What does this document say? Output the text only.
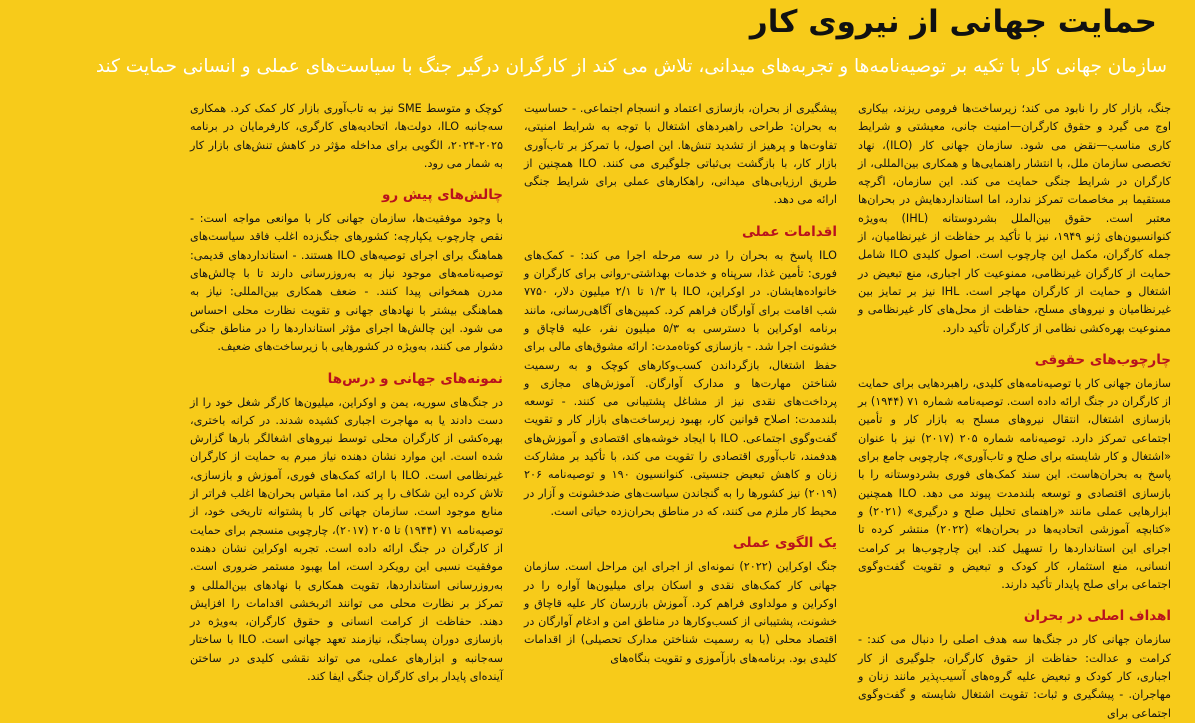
حمایت جهانی از نیروی کار
سازمان جهانی کار با تکیه بر توصیه‌نامه‌ها و تجربه‌های میدانی، تلاش می کند از کارگران درگیر جنگ با سیاست‌های عملی و انسانی حمایت کند

جنگ، بازار کار را نابود می کند؛ زیرساخت‌ها فرومی ریزند، بیکاری اوج می گیرد و حقوق کارگران—امنیت جانی، معیشتی و شرایط کاری مناسب—نقض می شود. سازمان جهانی کار (ILO)، نهاد تخصصی سازمان ملل، با انتشار راهنمایی‌ها و همکاری بین‌المللی، از کارگران در شرایط جنگی حمایت می کند. این سازمان، اگرچه مستقیما بر مخاصمات تمرکز ندارد، اما استانداردهایش در بحران‌ها معتبر است. حقوق بین‌الملل بشردوستانه (IHL) به‌ویژه کنوانسیون‌های ژنو ۱۹۴۹، نیز با تأکید بر حفاظت از غیرنظامیان، از جمله کارگران، مکمل این چارچوب است. اصول کلیدی ILO شامل حمایت از کارگران غیرنظامی، ممنوعیت کار اجباری، منع تبعیض در اشتغال و حمایت از کارگران مهاجر است. IHL نیز بر تمایز بین غیرنظامیان و نیروهای مسلح، حفاظت از محل‌های کار غیرنظامی و ممنوعیت بهره‌کشی نظامی از کارگران تأکید دارد.

چارچوب‌های حقوقی

سازمان جهانی کار با توصیه‌نامه‌های کلیدی، راهبردهایی برای حمایت از کارگران در جنگ ارائه داده است. توصیه‌نامه شماره ۷۱ (۱۹۴۴) بر بازسازی اشتغال، انتقال نیروهای مسلح به بازار کار و تأمین اجتماعی تمرکز دارد. توصیه‌نامه شماره ۲۰۵ (۲۰۱۷) نیز با عنوان «اشتغال و کار شایسته برای صلح و تاب‌آوری»، چارچوبی جامع برای پاسخ به بحران‌هاست. این سند کمک‌های فوری بشردوستانه را با بازسازی اقتصادی و توسعه بلندمدت پیوند می دهد. ILO همچنین ابزارهایی عملی مانند «راهنمای تحلیل صلح و درگیری» (۲۰۲۱) و «کتابچه آموزشی اتحادیه‌ها در بحران‌ها» (۲۰۲۲) منتشر کرده تا اجرای این استانداردها را تسهیل کند. این چارچوب‌ها بر کرامت انسانی، منع استثمار، کار کودک و تبعیض و تقویت گفت‌وگوی اجتماعی برای صلح پایدار تأکید دارند.

اهداف اصلی در بحران

سازمان جهانی کار در جنگ‌ها سه هدف اصلی را دنبال می کند: - کرامت و عدالت: حفاظت از حقوق کارگران، جلوگیری از کار اجباری، کار کودک و تبعیض علیه گروه‌های آسیب‌پذیر مانند زنان و مهاجران. - پیشگیری و ثبات: تقویت اشتغال شایسته و گفت‌وگوی اجتماعی برای

پیشگیری از بحران، بازسازی اعتماد و انسجام اجتماعی. - حساسیت به بحران: طراحی راهبردهای اشتغال با توجه به شرایط امنیتی، تفاوت‌ها و پرهیز از تشدید تنش‌ها. این اصول، با تمرکز بر تاب‌آوری بازار کار، با بازگشت بی‌ثباتی جلوگیری می کنند. ILO همچنین از طریق ارزیابی‌های میدانی، راهکارهای عملی برای شرایط جنگی ارائه می دهد.

اقدامات عملی

ILO پاسخ به بحران را در سه مرحله اجرا می کند: - کمک‌های فوری: تأمین غذا، سرپناه و خدمات بهداشتی-روانی برای کارگران و خانواده‌هایشان. در اوکراین، ILO با ۱/۳ تا ۲/۱ میلیون دلار، ۷۷۵۰ شب اقامت برای آوارگان فراهم کرد. کمپین‌های آگاهی‌رسانی، مانند برنامه اوکراین با دسترسی به ۵/۳ میلیون نفر، علیه قاچاق و خشونت اجرا شد. - بازسازی کوتاه‌مدت: ارائه مشوق‌های مالی برای حفظ اشتغال، بازگرداندن کسب‌وکارهای کوچک و به رسمیت شناختن مهارت‌ها و مدارک آوارگان. آموزش‌های مجازی و پرداخت‌های نقدی نیز از مشاغل پشتیبانی می کنند. - توسعه بلندمدت: اصلاح قوانین کار، بهبود زیرساخت‌های بازار کار و تقویت گفت‌وگوی اجتماعی. ILO با ایجاد خوشه‌های اقتصادی و آموزش‌های هدفمند، تاب‌آوری اقتصادی را تقویت می کند، با تأکید بر مشارکت زنان و کاهش تبعیض جنسیتی. کنوانسیون ۱۹۰ و توصیه‌نامه ۲۰۶ (۲۰۱۹) نیز کشورها را به گنجاندن سیاست‌های ضدخشونت و آزار در محیط کار ملزم می کنند، که در مناطق بحران‌زده حیاتی است.

یک الگوی عملی

جنگ اوکراین (۲۰۲۲) نمونه‌ای از اجرای این مراحل است. سازمان جهانی کار کمک‌های نقدی و اسکان برای میلیون‌ها آواره را در اوکراین و مولداوی فراهم کرد. آموزش بازرسان کار علیه قاچاق و خشونت، پشتیبانی از کسب‌وکارها در مناطق امن و ادغام آوارگان در اقتصاد محلی (با به رسمیت شناختن مدارک تحصیلی) از اقدامات کلیدی بود. برنامه‌های بازآموزی و تقویت بنگاه‌های

کوچک و متوسط SME نیز به تاب‌آوری بازار کار کمک کرد. همکاری سه‌جانبه ILO، دولت‌ها، اتحادیه‌های کارگری، کارفرمایان در برنامه ۲۰۲۵-۲۰۲۴، الگویی برای مداخله مؤثر در کاهش تنش‌های بازار کار به شمار می رود.

چالش‌های پیش رو

با وجود موفقیت‌ها، سازمان جهانی کار با موانعی مواجه است: - نقص چارچوب یکپارچه: کشورهای جنگ‌زده اغلب فاقد سیاست‌های هماهنگ برای اجرای توصیه‌های ILO هستند. - استانداردهای قدیمی: توصیه‌نامه‌های موجود نیاز به به‌روزرسانی دارند تا با چالش‌های مدرن همخوانی پیدا کنند. - ضعف همکاری بین‌المللی: نیاز به هماهنگی بیشتر با نهادهای جهانی و تقویت نظارت محلی احساس می شود. این چالش‌ها اجرای مؤثر استانداردها را در مناطق جنگی دشوار می کنند، به‌ویژه در کشورهایی با زیرساخت‌های ضعیف.

نمونه‌های جهانی و درس‌ها

در جنگ‌های سوریه، یمن و اوکراین، میلیون‌ها کارگر شغل خود را از دست دادند یا به مهاجرت اجباری کشیده شدند. در کرانه باختری، بهره‌کشی از کارگران محلی توسط نیروهای اشغالگر بارها گزارش شده است. این موارد نشان دهنده نیاز مبرم به حمایت از کارگران غیرنظامی است. ILO با ارائه کمک‌های فوری، آموزش و بازسازی، تلاش کرده این شکاف را پر کند، اما مقیاس بحران‌ها اغلب فراتر از منابع موجود است. سازمان جهانی کار با پشتوانه تاریخی خود، از توصیه‌نامه ۷۱ (۱۹۴۴) تا ۲۰۵ (۲۰۱۷)، چارچوبی منسجم برای حمایت از کارگران در جنگ ارائه داده است. تجربه اوکراین نشان دهنده موفقیت نسبی این رویکرد است، اما بهبود مستمر ضروری است. به‌روزرسانی استانداردها، تقویت همکاری با نهادهای بین‌المللی و تمرکز بر نظارت محلی می توانند اثربخشی اقدامات را افزایش دهند. حفاظت از کرامت انسانی و حقوق کارگران، به‌ویژه در بازسازی دوران پساجنگ، نیازمند تعهد جهانی است. ILO با ساختار سه‌جانبه و ابزارهای عملی، می تواند نقشی کلیدی در ساختن آینده‌ای پایدار برای کارگران جنگی ایفا کند.
